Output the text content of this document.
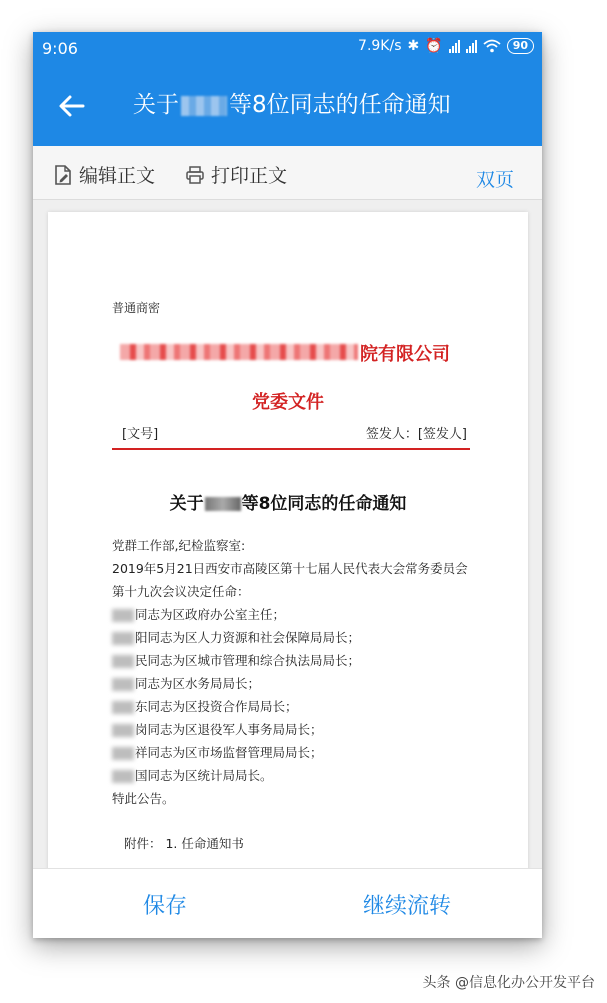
9:06	7.9K/s ✱ ⏰	90
关于 等8位同志的任命通知
编辑正文	打印正文	双页
普通商密
院有限公司
党委文件
[文号]	签发人：[签发人]
关于 等8位同志的任命通知
党群工作部,纪检监察室:
2019年5月21日西安市高陵区第十七届人民代表大会常务委员会
第十九次会议决定任命：
同志为区政府办公室主任；
阳同志为区人力资源和社会保障局局长；
民同志为区城市管理和综合执法局局长；
同志为区水务局局长；
东同志为区投资合作局局长；
岗同志为区退役军人事务局局长；
祥同志为区市场监督管理局局长；
国同志为区统计局局长。
特此公告。
附件： 1. 任命通知书
保存	继续流转
头条 @信息化办公开发平台
